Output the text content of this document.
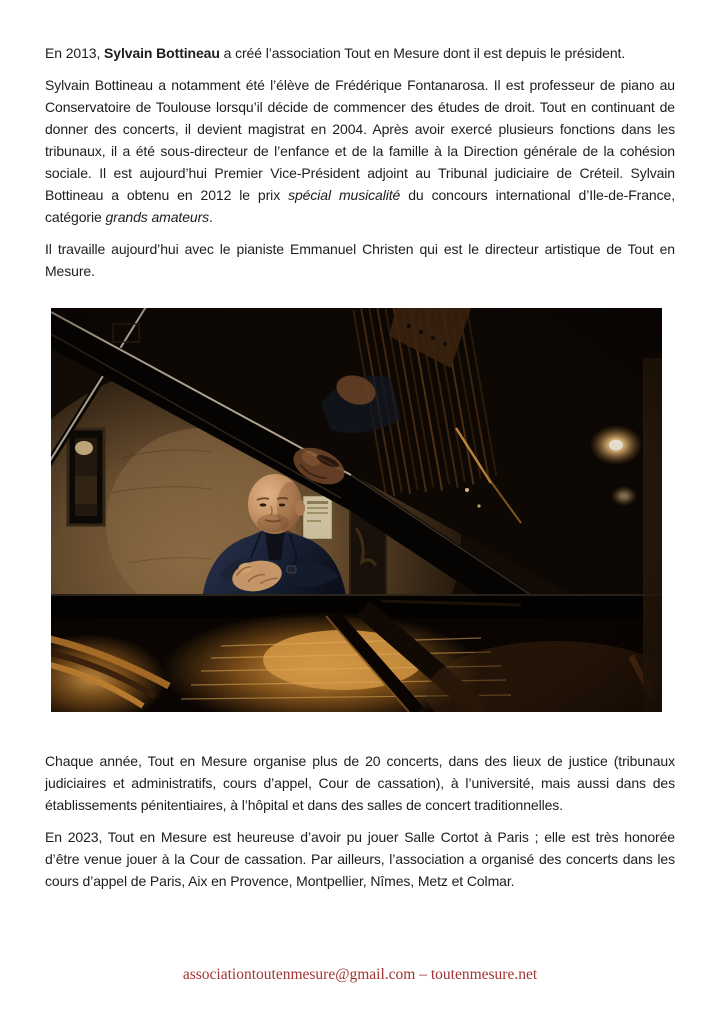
En 2013, Sylvain Bottineau a créé l’association Tout en Mesure dont il est depuis le président.

Sylvain Bottineau a notamment été l’élève de Frédérique Fontanarosa. Il est professeur de piano au Conservatoire de Toulouse lorsqu’il décide de commencer des études de droit. Tout en continuant de donner des concerts, il devient magistrat en 2004. Après avoir exercé plusieurs fonctions dans les tribunaux, il a été sous-directeur de l’enfance et de la famille à la Direction générale de la cohésion sociale. Il est aujourd’hui Premier Vice-Président adjoint au Tribunal judiciaire de Créteil. Sylvain Bottineau a obtenu en 2012 le prix spécial musicalité du concours international d’Ile-de-France, catégorie grands amateurs.

Il travaille aujourd’hui avec le pianiste Emmanuel Christen qui est le directeur artistique de Tout en Mesure.

Chaque année, Tout en Mesure organise plus de 20 concerts, dans des lieux de justice (tribunaux judiciaires et administratifs, cours d’appel, Cour de cassation), à l’université, mais aussi dans des établissements pénitentiaires, à l’hôpital et dans des salles de concert traditionnelles.

En 2023, Tout en Mesure est heureuse d’avoir pu jouer Salle Cortot à Paris ; elle est très honorée d’être venue jouer à la Cour de cassation. Par ailleurs, l’association a organisé des concerts dans les cours d’appel de Paris, Aix en Provence, Montpellier, Nîmes, Metz et Colmar.

associationtoutenmesure@gmail.com – toutenmesure.net
